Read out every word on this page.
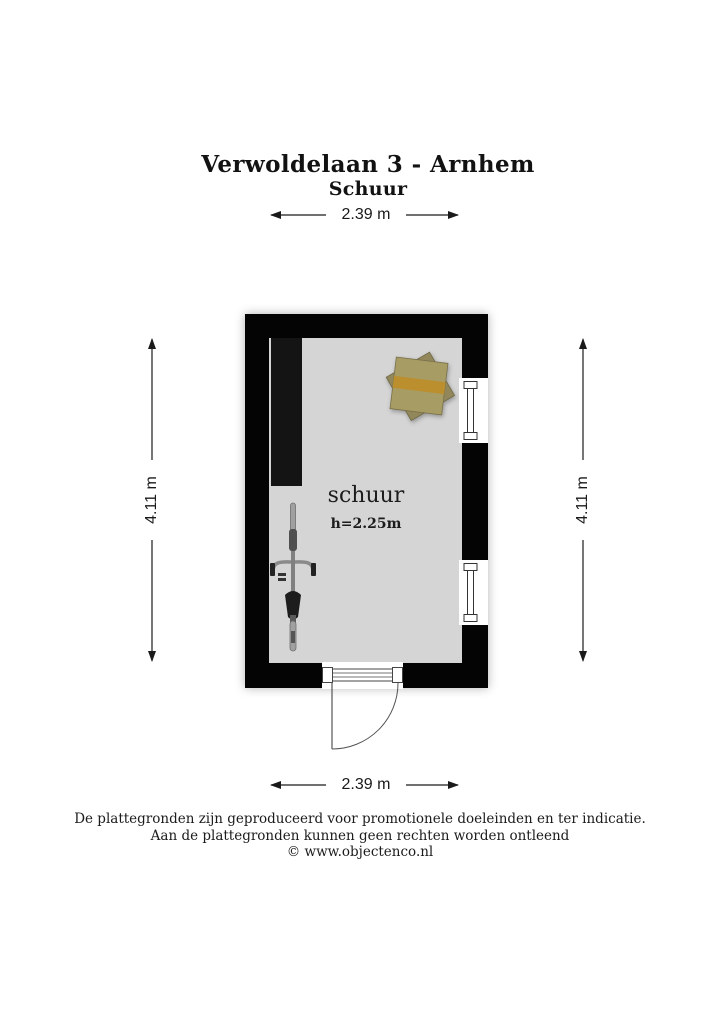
Verwoldelaan 3 - Arnhem
Schuur
2.39 m
2.39 m
4.11 m	4.11 m
schuur
h=2.25m
De plattegronden zijn geproduceerd voor promotionele doeleinden en ter indicatie.
Aan de plattegronden kunnen geen rechten worden ontleend
© www.objectenco.nl
